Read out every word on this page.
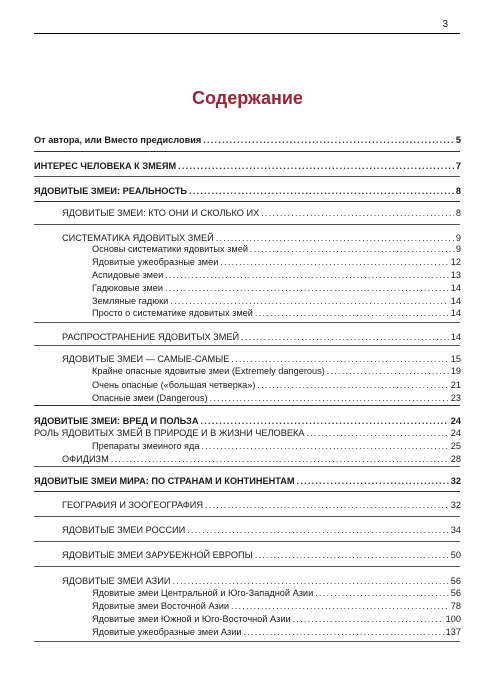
3
Содержание
От автора, или Вместо предисловия .....	5
ИНТЕРЕС ЧЕЛОВЕКА К ЗМЕЯМ .....	7
ЯДОВИТЫЕ ЗМЕИ: РЕАЛЬНОСТЬ .....	8
ЯДОВИТЫЕ ЗМЕИ: КТО ОНИ И СКОЛЬКО ИХ .....	8
СИСТЕМАТИКА ЯДОВИТЫХ ЗМЕЙ .....	9
Основы систематики ядовитых змей .....	9
Ядовитые ужеобразные змеи .....	12
Аспидовые змеи .....	13
Гадюковые змеи .....	14
Земляные гадюки .....	14
Просто о систематике ядовитых змей .....	14
РАСПРОСТРАНЕНИЕ ЯДОВИТЫХ ЗМЕЙ .....	14
ЯДОВИТЫЕ ЗМЕИ — САМЫЕ-САМЫЕ .....	15
Крайне опасные ядовитые змеи (Extremely dangerous) .....	19
Очень опасные («большая четверка») .....	21
Опасные змеи (Dangerous) .....	23
ЯДОВИТЫЕ ЗМЕИ: ВРЕД И ПОЛЬЗА .....	24
РОЛЬ ЯДОВИТЫХ ЗМЕЙ В ПРИРОДЕ И В ЖИЗНИ ЧЕЛОВЕКА .....	24
Препараты змеиного яда .....	25
ОФИДИЗМ .....	28
ЯДОВИТЫЕ ЗМЕИ МИРА: ПО СТРАНАМ И КОНТИНЕНТАМ .....	32
ГЕОГРАФИЯ И ЗООГЕОГРАФИЯ .....	32
ЯДОВИТЫЕ ЗМЕИ РОССИИ .....	34
ЯДОВИТЫЕ ЗМЕИ ЗАРУБЕЖНОЙ ЕВРОПЫ .....	50
ЯДОВИТЫЕ ЗМЕИ АЗИИ .....	56
Ядовитые змеи Центральной и Юго-Западной Азии .....	56
Ядовитые змеи Восточной Азии .....	78
Ядовитые змеи Южной и Юго-Восточной Азии .....	100
Ядовитые ужеобразные змеи Азии .....	137
